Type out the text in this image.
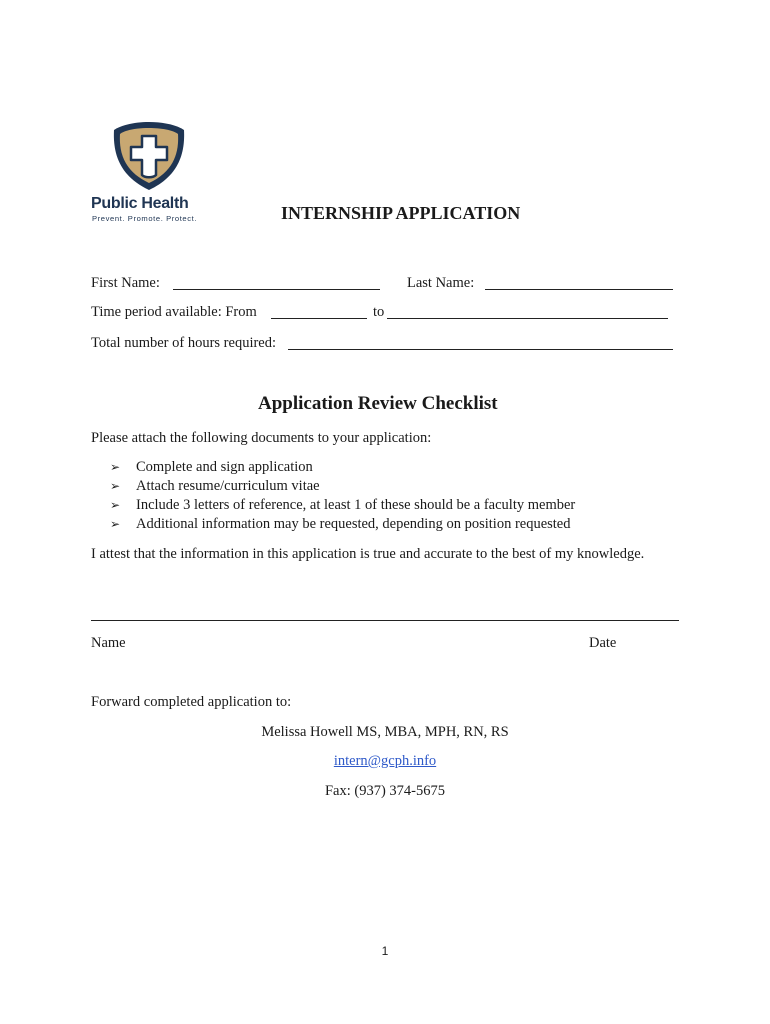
Public Health
Prevent. Promote. Protect.	INTERNSHIP APPLICATION
First Name:	Last Name:
Time period available: From	to
Total number of hours required:
Application Review Checklist
Please attach the following documents to your application:
➢ Complete and sign application
➢ Attach resume/curriculum vitae
➢ Include 3 letters of reference, at least 1 of these should be a faculty member
➢ Additional information may be requested, depending on position requested
I attest that the information in this application is true and accurate to the best of my knowledge.
Name	Date
Forward completed application to:
Melissa Howell MS, MBA, MPH, RN, RS
intern@gcph.info
Fax: (937) 374-5675
1
